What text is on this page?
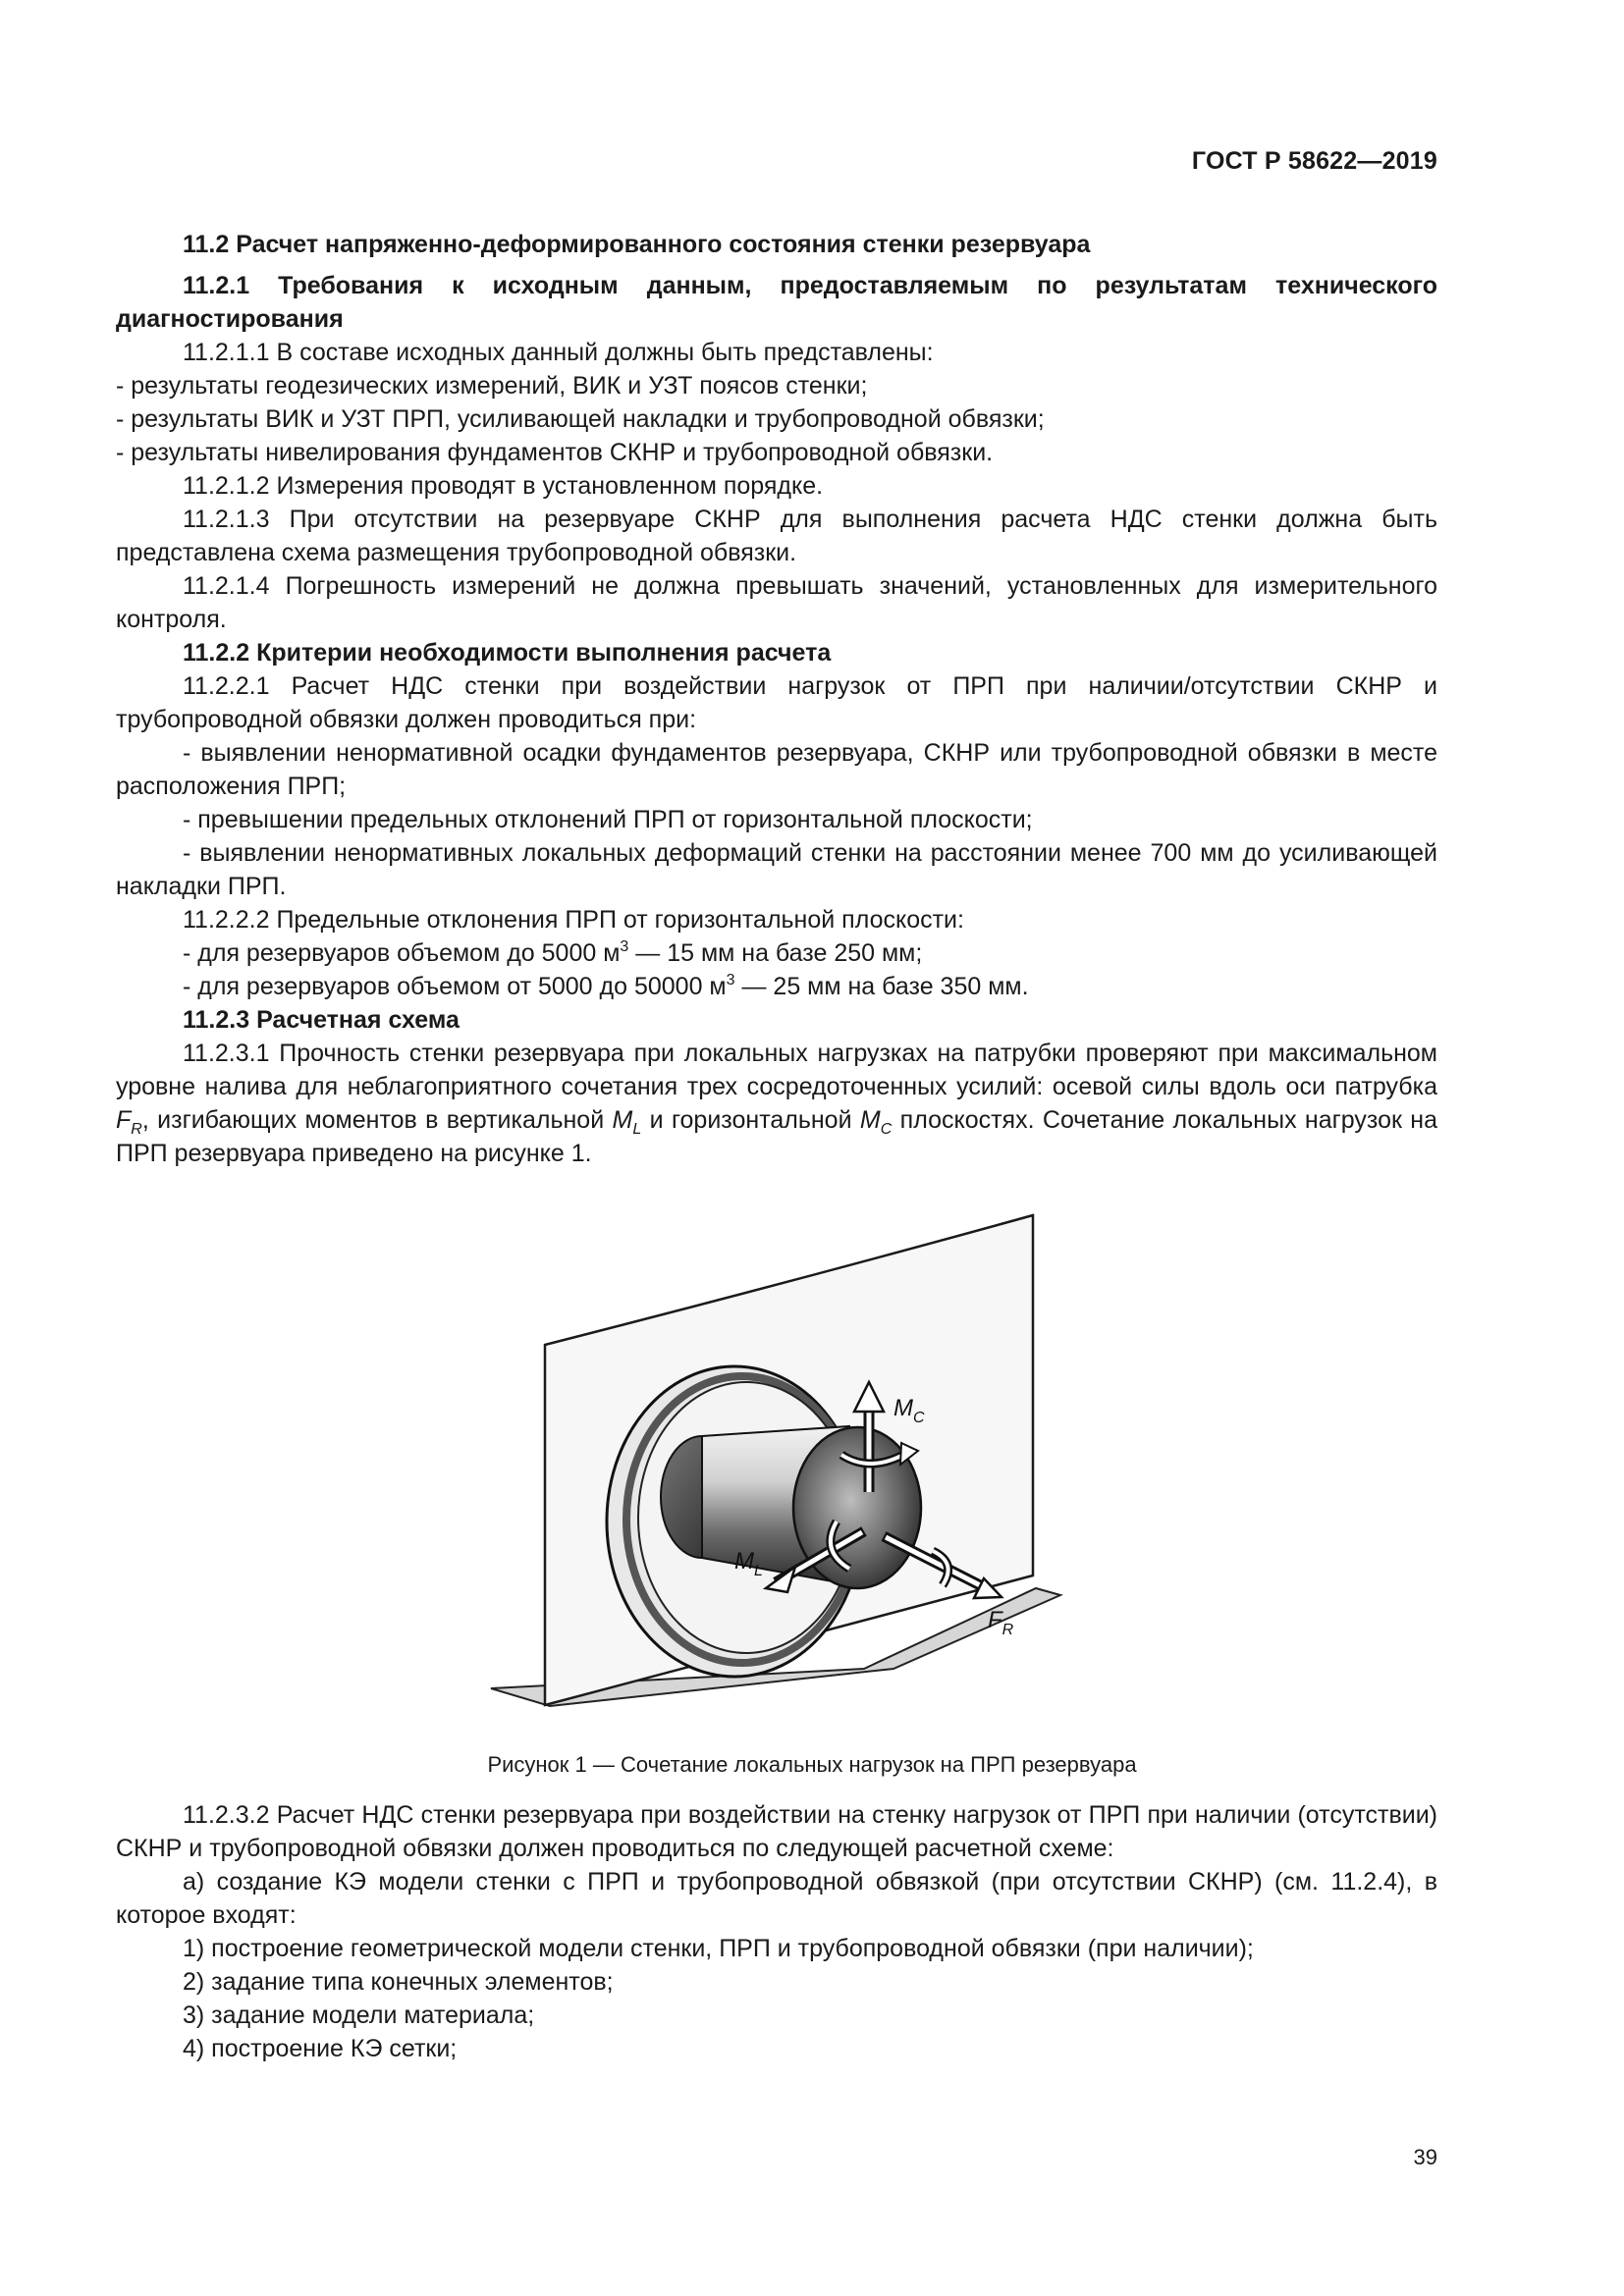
ГОСТ Р 58622—2019

11.2 Расчет напряженно-деформированного состояния стенки резервуара

11.2.1 Требования к исходным данным, предоставляемым по результатам технического диагностирования

11.2.1.1 В составе исходных данный должны быть представлены:

- результаты геодезических измерений, ВИК и УЗТ поясов стенки;

- результаты ВИК и УЗТ ПРП, усиливающей накладки и трубопроводной обвязки;

- результаты нивелирования фундаментов СКНР и трубопроводной обвязки.

11.2.1.2 Измерения проводят в установленном порядке.

11.2.1.3 При отсутствии на резервуаре СКНР для выполнения расчета НДС стенки должна быть представлена схема размещения трубопроводной обвязки.

11.2.1.4 Погрешность измерений не должна превышать значений, установленных для измерительного контроля.

11.2.2 Критерии необходимости выполнения расчета

11.2.2.1 Расчет НДС стенки при воздействии нагрузок от ПРП при наличии/отсутствии СКНР и трубопроводной обвязки должен проводиться при:

- выявлении ненормативной осадки фундаментов резервуара, СКНР или трубопроводной обвязки в месте расположения ПРП;

- превышении предельных отклонений ПРП от горизонтальной плоскости;

- выявлении ненормативных локальных деформаций стенки на расстоянии менее 700 мм до усиливающей накладки ПРП.

11.2.2.2 Предельные отклонения ПРП от горизонтальной плоскости:

- для резервуаров объемом до 5000 $м^3$ — 15 мм на базе 250 мм;

- для резервуаров объемом от 5000 до 50000 $м^3$ — 25 мм на базе 350 мм.

11.2.3 Расчетная схема

11.2.3.1 Прочность стенки резервуара при локальных нагрузках на патрубки проверяют при максимальном уровне налива для неблагоприятного сочетания трех сосредоточенных усилий: осевой силы вдоль оси патрубка $F_R$, изгибающих моментов в вертикальной $M_L$ и горизонтальной $M_C$ плоскостях. Сочетание локальных нагрузок на ПРП резервуара приведено на рисунке 1.

$M_C$
$M_L$
$F_R$
Рисунок 1 — Сочетание локальных нагрузок на ПРП резервуара

11.2.3.2 Расчет НДС стенки резервуара при воздействии на стенку нагрузок от ПРП при наличии (отсутствии) СКНР и трубопроводной обвязки должен проводиться по следующей расчетной схеме:

а) создание КЭ модели стенки с ПРП и трубопроводной обвязкой (при отсутствии СКНР) (см. 11.2.4), в которое входят:

1) построение геометрической модели стенки, ПРП и трубопроводной обвязки (при наличии);

2) задание типа конечных элементов;

3) задание модели материала;

4) построение КЭ сетки;

39
